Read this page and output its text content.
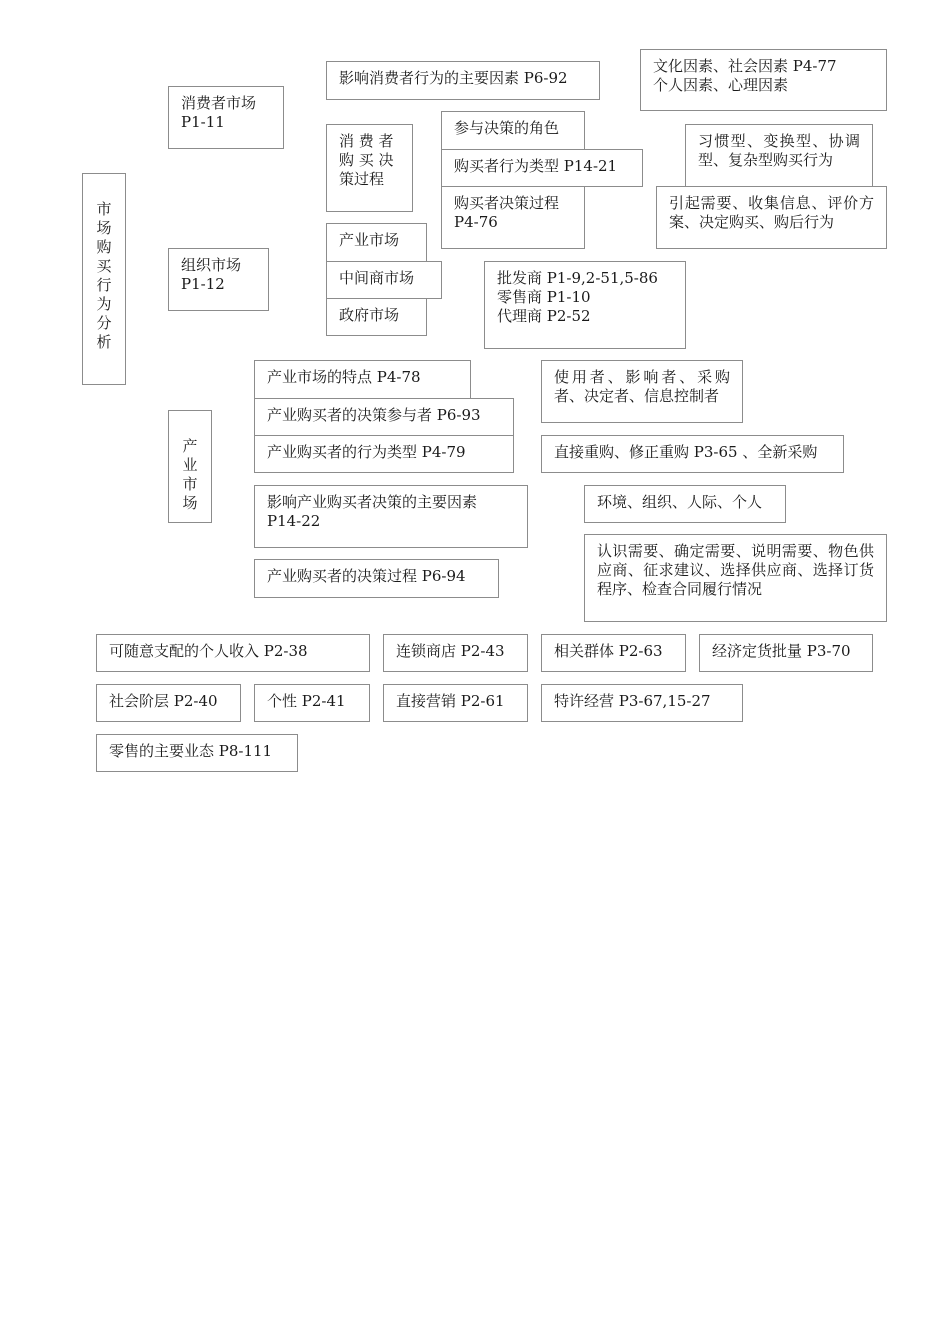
市
场
购
买
行
为
分
析

消费者市场
P1-11
影响消费者行为的主要因素 P6-92
文化因素、社会因素 P4-77
个人因素、心理因素
消 费 者
购 买 决
策过程
参与决策的角色
购买者行为类型 P14-21
习惯型、变换型、协调型、复杂型购买行为
购买者决策过程
P4-76
引起需要、收集信息、评价方案、决定购买、购后行为
组织市场
P1-12
产业市场
中间商市场
政府市场
批发商 P1-9,2-51,5-86
零售商 P1-10
代理商 P2-52

产
业
市
场

产业市场的特点 P4-78
产业购买者的决策参与者 P6-93
使用者、影响者、采购者、决定者、信息控制者
产业购买者的行为类型 P4-79	直接重购、修正重购 P3-65 、全新采购
影响产业购买者决策的主要因素
P14-22
环境、组织、人际、个人
产业购买者的决策过程 P6-94
认识需要、确定需要、说明需要、物色供应商、征求建议、选择供应商、选择订货程序、检查合同履行情况
可随意支配的个人收入 P2-38	连锁商店 P2-43	相关群体 P2-63	经济定货批量 P3-70
社会阶层 P2-40	个性 P2-41	直接营销 P2-61	特许经营 P3-67,15-27
零售的主要业态 P8-111
